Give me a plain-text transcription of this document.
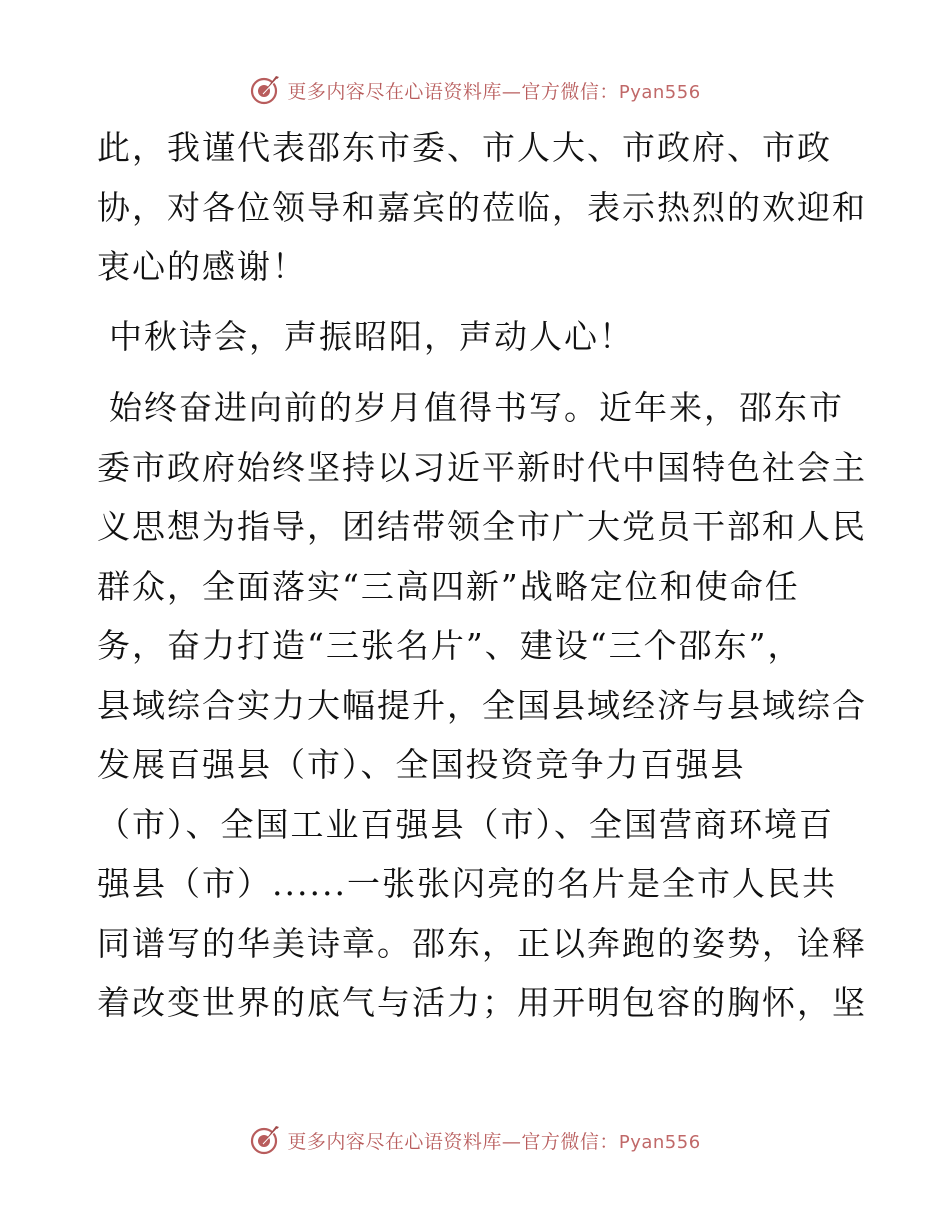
更多内容尽在心语资料库—官方微信：Pyan556

此，我谨代表邵东市委、市人大、市政府、市政
协，对各位领导和嘉宾的莅临，表示热烈的欢迎和
衷心的感谢！

中秋诗会，声振昭阳，声动人心！

始终奋进向前的岁月值得书写。近年来，邵东市
委市政府始终坚持以习近平新时代中国特色社会主
义思想为指导，团结带领全市广大党员干部和人民
群众，全面落实“三高四新”战略定位和使命任
务，奋力打造“三张名片”、建设“三个邵东”，
县域综合实力大幅提升，全国县域经济与县域综合
发展百强县（市）、全国投资竞争力百强县
（市）、全国工业百强县（市）、全国营商环境百
强县（市）......一张张闪亮的名片是全市人民共
同谱写的华美诗章。邵东，正以奔跑的姿势，诠释
着改变世界的底气与活力；用开明包容的胸怀，坚

更多内容尽在心语资料库—官方微信：Pyan556
